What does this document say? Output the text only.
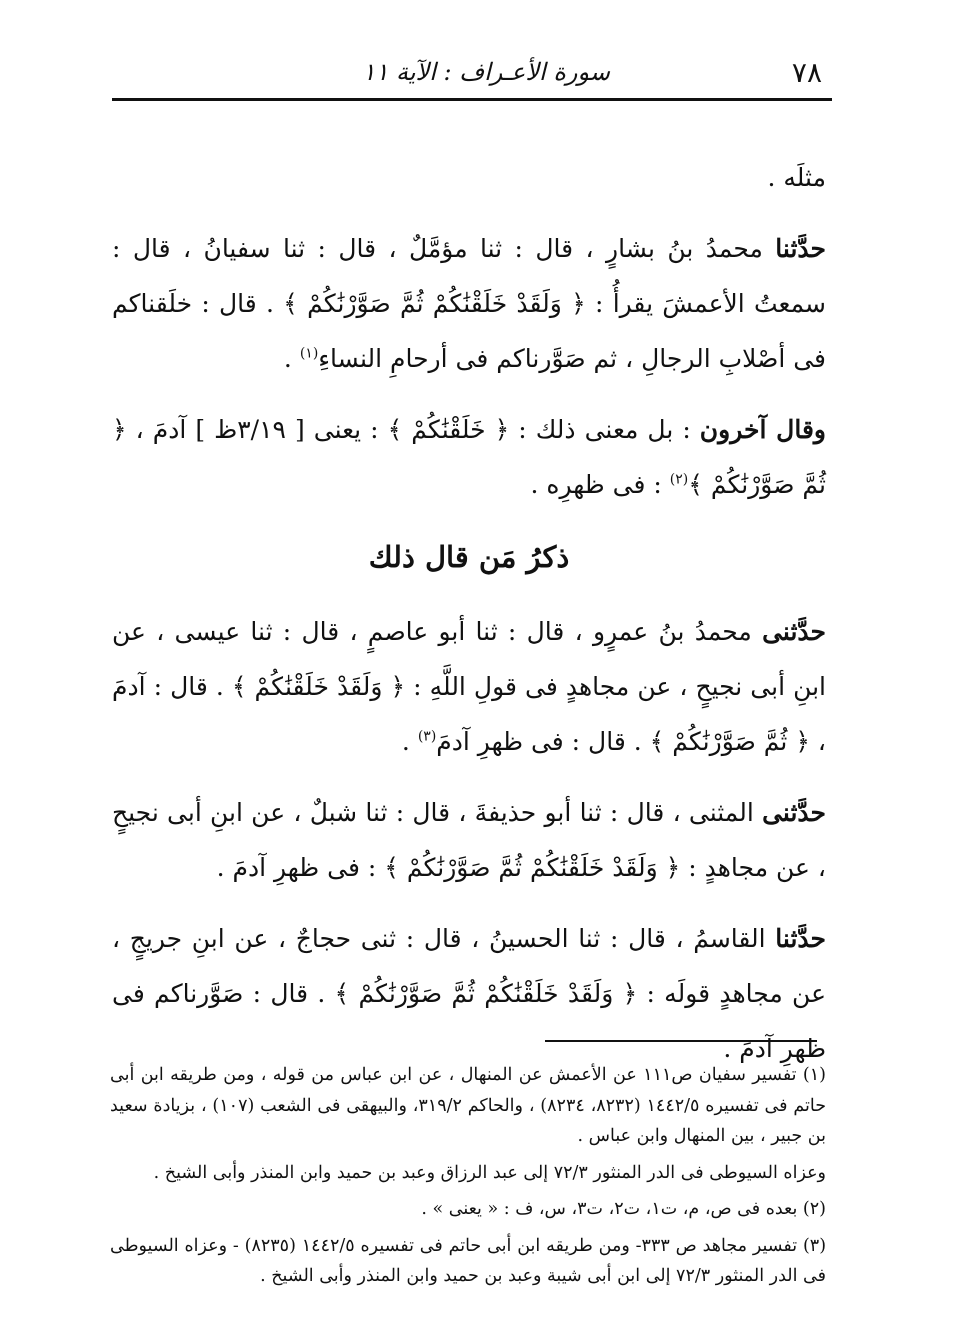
٧٨
سورة الأعـراف : الآية ١١

مثلَه .

حدَّثنا محمدُ بنُ بشارٍ ، قال : ثنا مؤمَّلٌ ، قال : ثنا سفيانُ ، قال : سمعتُ الأعمشَ يقرأُ : ﴿ وَلَقَدْ خَلَقْنَٰكُمْ ثُمَّ صَوَّرْنَٰكُمْ ﴾ . قال : خلَقناكم فى أصْلابِ الرجالِ ، ثم صَوَّرناكم فى أرحامِ النساءِ$^{(١)}$ .

وقال آخرون : بل معنى ذلك : ﴿ خَلَقْنَٰكُمْ ﴾ : يعنى [ ٣/١٩ظ ] آدمَ ، ﴿ ثُمَّ صَوَّرْنَٰكُمْ ﴾$^{(٢)}$ : فى ظهرِه .

ذكرُ مَن قال ذلك

حدَّثنى محمدُ بنُ عمرٍو ، قال : ثنا أبو عاصمٍ ، قال : ثنا عيسى ، عن ابنِ أبى نجيحٍ ، عن مجاهدٍ فى قولِ اللَّهِ : ﴿ وَلَقَدْ خَلَقْنَٰكُمْ ﴾ . قال : آدمَ ، ﴿ ثُمَّ صَوَّرْنَٰكُمْ ﴾ . قال : فى ظهرِ آدمَ$^{(٣)}$ .

حدَّثنى المثنى ، قال : ثنا أبو حذيفةَ ، قال : ثنا شبلٌ ، عن ابنِ أبى نجيحٍ ، عن مجاهدٍ : ﴿ وَلَقَدْ خَلَقْنَٰكُمْ ثُمَّ صَوَّرْنَٰكُمْ ﴾ : فى ظهرِ آدمَ .

حدَّثنا القاسمُ ، قال : ثنا الحسينُ ، قال : ثنى حجاجٌ ، عن ابنِ جريجٍ ، عن مجاهدٍ قولَه : ﴿ وَلَقَدْ خَلَقْنَٰكُمْ ثُمَّ صَوَّرْنَٰكُمْ ﴾ . قال : صَوَّرناكم فى ظهرِ آدمَ .

(١) تفسير سفيان ص١١١ عن الأعمش عن المنهال ، عن ابن عباس من قوله ، ومن طريقه ابن أبى حاتم فى تفسيره ١٤٤٢/٥ (٨٢٣٢، ٨٢٣٤) ، والحاكم ٣١٩/٢، والبيهقى فى الشعب (١٠٧) ، بزيادة سعيد بن جبير ، بين المنهال وابن عباس .

وعزاه السيوطى فى الدر المنثور ٧٢/٣ إلى عبد الرزاق وعبد بن حميد وابن المنذر وأبى الشيخ .

(٢) بعده فى ص، م، ت١، ت٢، ت٣، س، ف : « يعنى » .

(٣) تفسير مجاهد ص ٣٣٣- ومن طريقه ابن أبى حاتم فى تفسيره ١٤٤٢/٥ (٨٢٣٥) - وعزاه السيوطى فى الدر المنثور ٧٢/٣ إلى ابن أبى شيبة وعبد بن حميد وابن المنذر وأبى الشيخ .
